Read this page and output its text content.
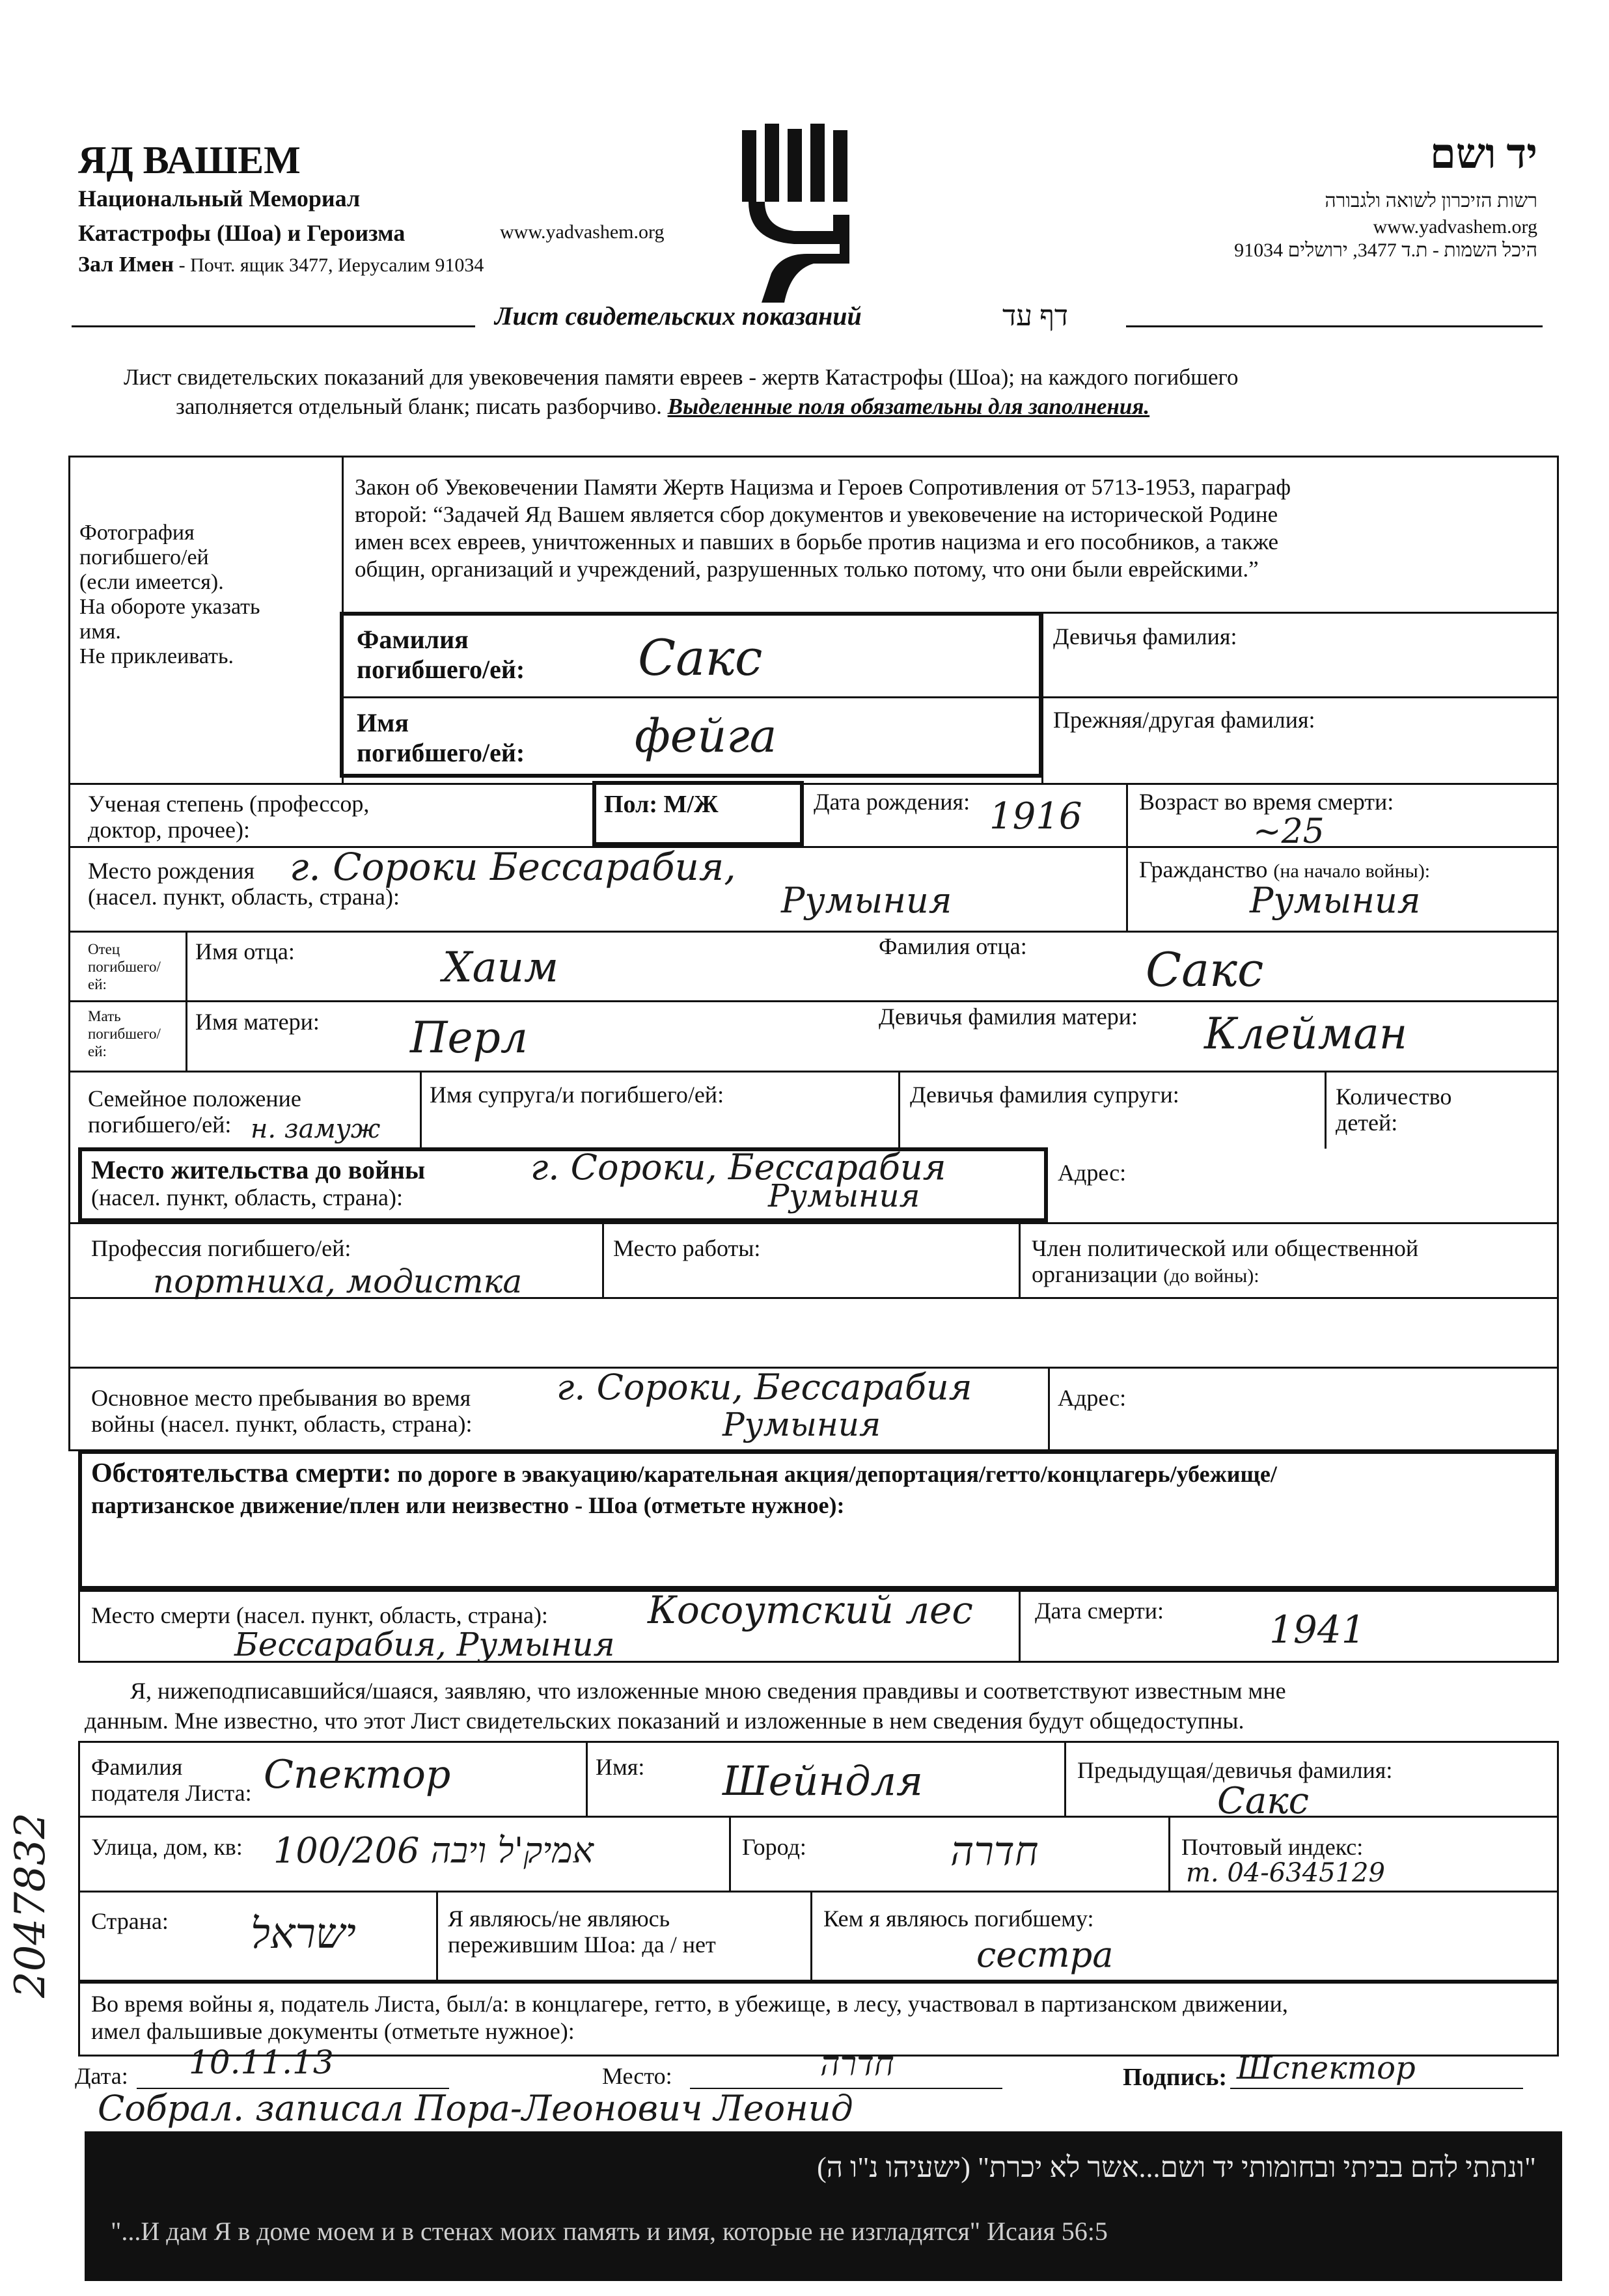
ЯД ВАШЕМ
Национальный Мемориал
Катастрофы (Шоа) и Героизма	www.yadvashem.org
Зал Имен - Почт. ящик 3477, Иерусалим 91034
יד ושם
רשות הזיכרון לשואה ולגבורה
www.yadvashem.org
היכל השמות - ת.ד 3477, ירושלים 91034
Лист свидетельских показаний	דף עד
Лист свидетельских показаний для увековечения памяти евреев - жертв Катастрофы (Шоа); на каждого погибшего
заполняется отдельный бланк; писать разборчиво. Выделенные поля обязательны для заполнения.
Фотография
погибшего/ей
(если имеется).
На обороте указать
имя.
Не приклеивать.
Закон об Увековечении Памяти Жертв Нацизма и Героев Сопротивления от 5713-1953, параграф
второй: “Задачей Яд Вашем является сбор документов и увековечение на исторической Родине
имен всех евреев, уничтоженных и павших в борьбе против нацизма и его пособников, а также
общин, организаций и учреждений, разрушенных только потому, что они были еврейскими.”
Фамилия
погибшего/ей: Сакс	Девичья фамилия:
Имя
погибшего/ей: фейга	Прежняя/другая фамилия:
Ученая степень (профессор,
доктор, прочее):
Пол: М/Ж	Дата рождения: 1916 Возраст во время смерти:
~25
Место рождения
(насел. пункт, область, страна):
г. Сороки Бессарабия,
Румыния
Гражданство (на начало войны):
Румыния
Отец
погибшего/
ей:
Имя отца:	Хаим	Фамилия отца:	Сакс
Мать
погибшего/
ей:
Имя матери: Перл	Девичья фамилия матери: Клейман
Семейное положение
погибшего/ей: н. замуж
Имя супруга/и погибшего/ей:	Девичья фамилия супруги:	Количество
детей:
Место жительства до войны
(насел. пункт, область, страна):
г. Сороки, Бессарабия
Румыния
Адрес:
Профессия погибшего/ей:
портниха, модистка
Место работы:	Член политической или общественной
организации (до войны):
Основное место пребывания во время
войны (насел. пункт, область, страна):
г. Сороки, Бессарабия
Румыния
Адрес:
Обстоятельства смерти: по дороге в эвакуацию/карательная акция/депортация/гетто/концлагерь/убежище/
партизанское движение/плен или неизвестно - Шоа (отметьте нужное):
Место смерти (насел. пункт, область, страна):	Косоутский лес
Бессарабия, Румыния
Дата смерти:	1941
Я, нижеподписавшийся/шаяся, заявляю, что изложенные мною сведения правдивы и соответствуют известным мне
данным. Мне известно, что этот Лист свидетельских показаний и изложенные в нем сведения будут общедоступны.
Фамилия
подателя Листа: Спектор	Имя: Шейндля	Предыдущая/девичья фамилия:
Сакс
Улица, дом, кв: 100/206 אמיק'ל ויבה	Город:	חדרה	Почтовый индекс:
т. 04-6345129
Страна: ישראל	Я являюсь/не являюсь
пережившим Шоа: да / нет
Кем я являюсь погибшему:
сестра
Во время войны я, податель Листа, был/а: в концлагере, гетто, в убежище, в лесу, участвовал в партизанском движении,
имел фальшивые документы (отметьте нужное):
Дата: 10.11.13	Место:	חדרה	Подпись: Шспектор
Собрал. записал Пора-Леонович Леонид
2047832
"ונתתי להם בביתי ובחומותי יד ושם...אשר לא יכרת" (ישעיהו נ"ו ה)
"...И дам Я в доме моем и в стенах моих память и имя, которые не изгладятся" Исаия 56:5
